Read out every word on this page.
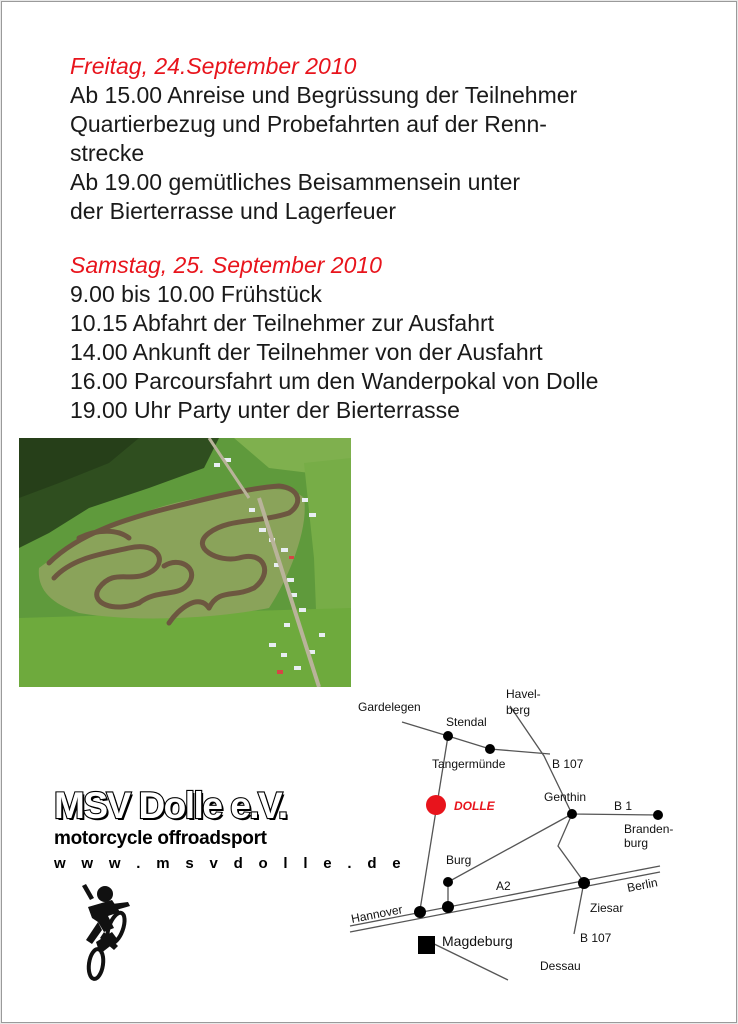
Freitag, 24.September 2010

Ab 15.00 Anreise und Begrüssung der Teilnehmer

Quartierbezug und Probefahrten auf der Renn-

strecke

Ab 19.00 gemütliches Beisammensein unter

der Bierterrasse und Lagerfeuer

Samstag, 25. September 2010

9.00 bis 10.00 Frühstück

10.15 Abfahrt der Teilnehmer zur Ausfahrt

14.00 Ankunft der Teilnehmer von der Ausfahrt

16.00 Parcoursfahrt um den Wanderpokal von Dolle

19.00 Uhr Party unter der Bierterrasse

MSV Dolle e.V.
motorcycle offroadsport
w w w . m s v d o l l e . d e
Gardelegen
Stendal
Havel-
berg
Tangermünde	B 107
DOLLE
Genthin
B 1
Branden-
burg
Burg
A2	Berlin
Ziesar
Hannover
Magdeburg	B 107
Dessau
